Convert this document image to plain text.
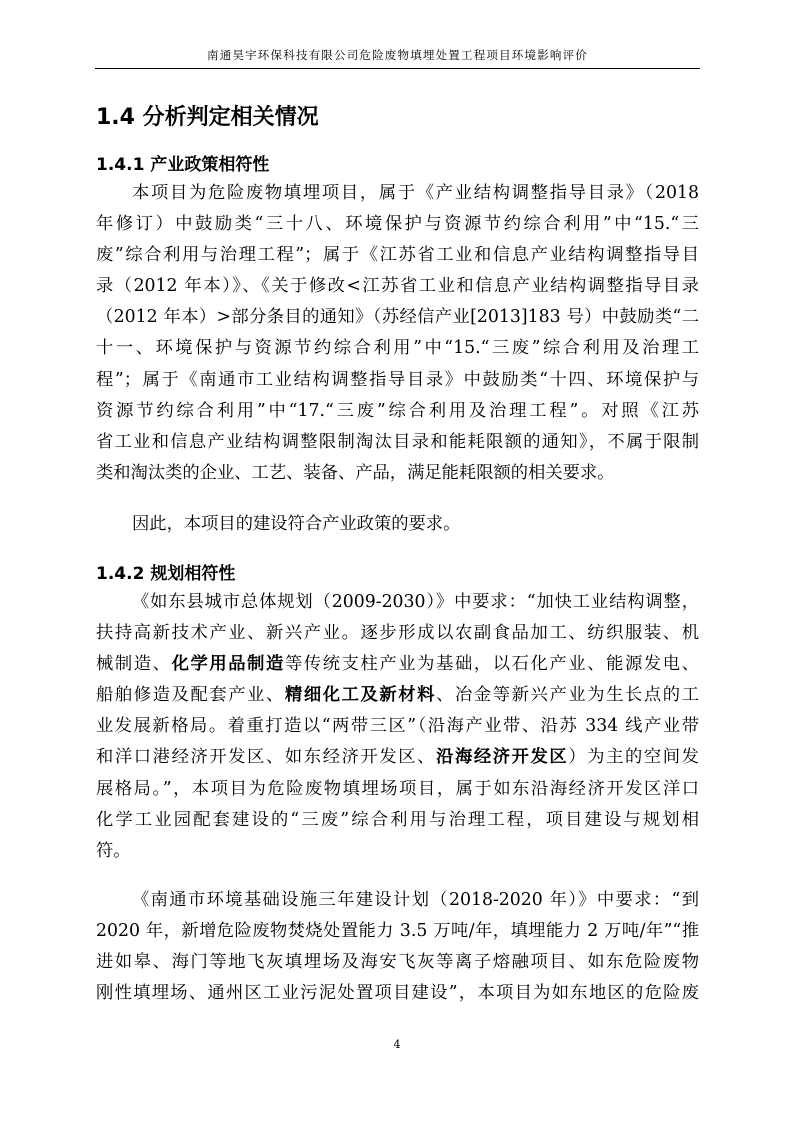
南通昊宇环保科技有限公司危险废物填埋处置工程项目环境影响评价
1.4 分析判定相关情况
1.4.1 产业政策相符性
本项目为危险废物填埋项目，属于《产业结构调整指导目录》（2018
年修订）中鼓励类“三十八、环境保护与资源节约综合利用”中“15.“三
废”综合利用与治理工程”；属于《江苏省工业和信息产业结构调整指导目
录（2012 年本）》、《关于修改<江苏省工业和信息产业结构调整指导目录
（2012 年本）>部分条目的通知》（苏经信产业[2013]183 号）中鼓励类“二
十一、环境保护与资源节约综合利用”中“15.“三废”综合利用及治理工
程”；属于《南通市工业结构调整指导目录》中鼓励类“十四、环境保护与
资源节约综合利用”中“17.“三废”综合利用及治理工程”。对照《江苏
省工业和信息产业结构调整限制淘汰目录和能耗限额的通知》，不属于限制
类和淘汰类的企业、工艺、装备、产品，满足能耗限额的相关要求。
因此，本项目的建设符合产业政策的要求。
1.4.2 规划相符性
《如东县城市总体规划（2009-2030）》中要求：“加快工业结构调整，
扶持高新技术产业、新兴产业。逐步形成以农副食品加工、纺织服装、机
械制造、化学用品制造等传统支柱产业为基础，以石化产业、能源发电、
船舶修造及配套产业、精细化工及新材料、冶金等新兴产业为生长点的工
业发展新格局。着重打造以“两带三区”（沿海产业带、沿苏 334 线产业带
和洋口港经济开发区、如东经济开发区、沿海经济开发区）为主的空间发
展格局。”，本项目为危险废物填埋场项目，属于如东沿海经济开发区洋口
化学工业园配套建设的“三废”综合利用与治理工程，项目建设与规划相
符。
《南通市环境基础设施三年建设计划（2018-2020 年）》中要求：“到
2020 年，新增危险废物焚烧处置能力 3.5 万吨/年，填埋能力 2 万吨/年”“推
进如皋、海门等地飞灰填埋场及海安飞灰等离子熔融项目、如东危险废物
刚性填埋场、通州区工业污泥处置项目建设”，本项目为如东地区的危险废
4
